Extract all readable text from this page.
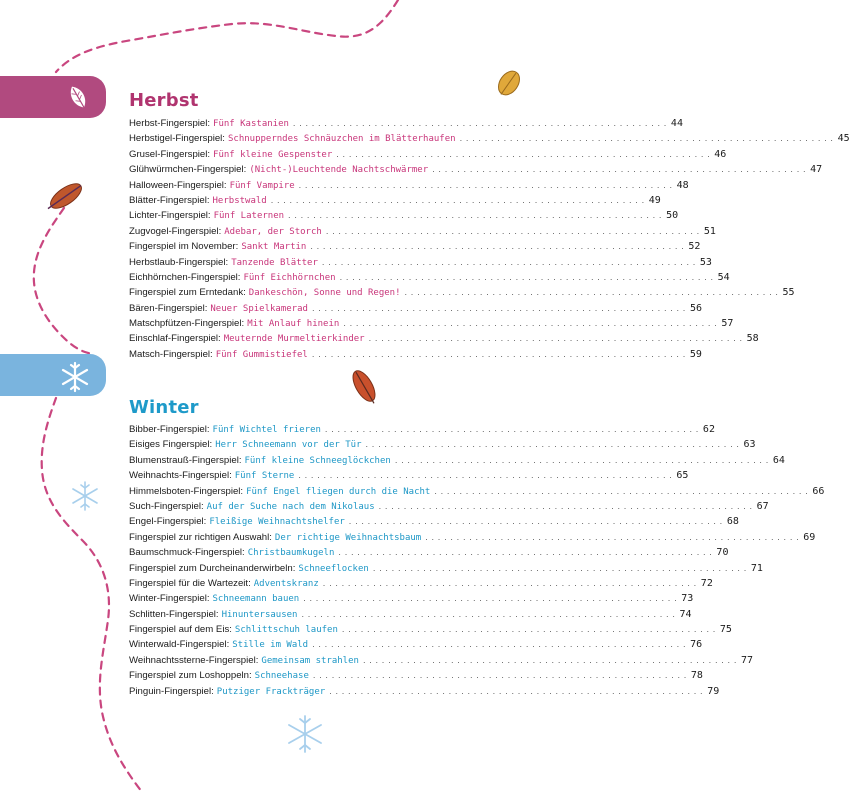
Herbst
Herbst-Fingerspiel: Fünf Kastanien . . . . . . . . . . . . . . . . . . . . . . . . . . . . . . . . . . . . . . . . . . . . . . . . . . . . . . . . . . . . 44
Herbstigel-Fingerspiel: Schnupperndes Schnäuzchen im Blätterhaufen . . . . . . . . . . . . . . . . . . . . . . . . . . . . . . . . . . . . . . . . . . . . . . . . . . . . . . . . . . . . 45
Grusel-Fingerspiel: Fünf kleine Gespenster . . . . . . . . . . . . . . . . . . . . . . . . . . . . . . . . . . . . . . . . . . . . . . . . . . . . . . . . . . . . 46
Glühwürmchen-Fingerspiel: (Nicht-)Leuchtende Nachtschwärmer . . . . . . . . . . . . . . . . . . . . . . . . . . . . . . . . . . . . . . . . . . . . . . . . . . . . . . . . . . . . 47
Halloween-Fingerspiel: Fünf Vampire . . . . . . . . . . . . . . . . . . . . . . . . . . . . . . . . . . . . . . . . . . . . . . . . . . . . . . . . . . . . 48
Blätter-Fingerspiel: Herbstwald . . . . . . . . . . . . . . . . . . . . . . . . . . . . . . . . . . . . . . . . . . . . . . . . . . . . . . . . . . . . 49
Lichter-Fingerspiel: Fünf Laternen . . . . . . . . . . . . . . . . . . . . . . . . . . . . . . . . . . . . . . . . . . . . . . . . . . . . . . . . . . . . 50
Zugvogel-Fingerspiel: Adebar, der Storch . . . . . . . . . . . . . . . . . . . . . . . . . . . . . . . . . . . . . . . . . . . . . . . . . . . . . . . . . . . . 51
Fingerspiel im November: Sankt Martin . . . . . . . . . . . . . . . . . . . . . . . . . . . . . . . . . . . . . . . . . . . . . . . . . . . . . . . . . . . . 52
Herbstlaub-Fingerspiel: Tanzende Blätter . . . . . . . . . . . . . . . . . . . . . . . . . . . . . . . . . . . . . . . . . . . . . . . . . . . . . . . . . . . . 53
Eichhörnchen-Fingerspiel: Fünf Eichhörnchen . . . . . . . . . . . . . . . . . . . . . . . . . . . . . . . . . . . . . . . . . . . . . . . . . . . . . . . . . . . . 54
Fingerspiel zum Erntedank: Dankeschön, Sonne und Regen! . . . . . . . . . . . . . . . . . . . . . . . . . . . . . . . . . . . . . . . . . . . . . . . . . . . . . . . . . . . . 55
Bären-Fingerspiel: Neuer Spielkamerad . . . . . . . . . . . . . . . . . . . . . . . . . . . . . . . . . . . . . . . . . . . . . . . . . . . . . . . . . . . . 56
Matschpfützen-Fingerspiel: Mit Anlauf hinein . . . . . . . . . . . . . . . . . . . . . . . . . . . . . . . . . . . . . . . . . . . . . . . . . . . . . . . . . . . . 57
Einschlaf-Fingerspiel: Meuternde Murmeltierkinder . . . . . . . . . . . . . . . . . . . . . . . . . . . . . . . . . . . . . . . . . . . . . . . . . . . . . . . . . . . . 58
Matsch-Fingerspiel: Fünf Gummistiefel . . . . . . . . . . . . . . . . . . . . . . . . . . . . . . . . . . . . . . . . . . . . . . . . . . . . . . . . . . . . 59
Winter
Bibber-Fingerspiel: Fünf Wichtel frieren . . . . . . . . . . . . . . . . . . . . . . . . . . . . . . . . . . . . . . . . . . . . . . . . . . . . . . . . . . . . 62
Eisiges Fingerspiel: Herr Schneemann vor der Tür . . . . . . . . . . . . . . . . . . . . . . . . . . . . . . . . . . . . . . . . . . . . . . . . . . . . . . . . . . . . 63
Blumenstrauß-Fingerspiel: Fünf kleine Schneeglöckchen . . . . . . . . . . . . . . . . . . . . . . . . . . . . . . . . . . . . . . . . . . . . . . . . . . . . . . . . . . . . 64
Weihnachts-Fingerspiel: Fünf Sterne . . . . . . . . . . . . . . . . . . . . . . . . . . . . . . . . . . . . . . . . . . . . . . . . . . . . . . . . . . . . 65
Himmelsboten-Fingerspiel: Fünf Engel fliegen durch die Nacht . . . . . . . . . . . . . . . . . . . . . . . . . . . . . . . . . . . . . . . . . . . . . . . . . . . . . . . . . . . . 66
Such-Fingerspiel: Auf der Suche nach dem Nikolaus . . . . . . . . . . . . . . . . . . . . . . . . . . . . . . . . . . . . . . . . . . . . . . . . . . . . . . . . . . . . 67
Engel-Fingerspiel: Fleißige Weihnachtshelfer . . . . . . . . . . . . . . . . . . . . . . . . . . . . . . . . . . . . . . . . . . . . . . . . . . . . . . . . . . . . 68
Fingerspiel zur richtigen Auswahl: Der richtige Weihnachtsbaum . . . . . . . . . . . . . . . . . . . . . . . . . . . . . . . . . . . . . . . . . . . . . . . . . . . . . . . . . . . . 69
Baumschmuck-Fingerspiel: Christbaumkugeln . . . . . . . . . . . . . . . . . . . . . . . . . . . . . . . . . . . . . . . . . . . . . . . . . . . . . . . . . . . . 70
Fingerspiel zum Durcheinanderwirbeln: Schneeflocken . . . . . . . . . . . . . . . . . . . . . . . . . . . . . . . . . . . . . . . . . . . . . . . . . . . . . . . . . . . . 71
Fingerspiel für die Wartezeit: Adventskranz . . . . . . . . . . . . . . . . . . . . . . . . . . . . . . . . . . . . . . . . . . . . . . . . . . . . . . . . . . . . 72
Winter-Fingerspiel: Schneemann bauen . . . . . . . . . . . . . . . . . . . . . . . . . . . . . . . . . . . . . . . . . . . . . . . . . . . . . . . . . . . . 73
Schlitten-Fingerspiel: Hinuntersausen . . . . . . . . . . . . . . . . . . . . . . . . . . . . . . . . . . . . . . . . . . . . . . . . . . . . . . . . . . . . 74
Fingerspiel auf dem Eis: Schlittschuh laufen . . . . . . . . . . . . . . . . . . . . . . . . . . . . . . . . . . . . . . . . . . . . . . . . . . . . . . . . . . . . 75
Winterwald-Fingerspiel: Stille im Wald . . . . . . . . . . . . . . . . . . . . . . . . . . . . . . . . . . . . . . . . . . . . . . . . . . . . . . . . . . . . 76
Weihnachtssterne-Fingerspiel: Gemeinsam strahlen . . . . . . . . . . . . . . . . . . . . . . . . . . . . . . . . . . . . . . . . . . . . . . . . . . . . . . . . . . . . 77
Fingerspiel zum Loshoppeln: Schneehase . . . . . . . . . . . . . . . . . . . . . . . . . . . . . . . . . . . . . . . . . . . . . . . . . . . . . . . . . . . . 78
Pinguin-Fingerspiel: Putziger Frackträger . . . . . . . . . . . . . . . . . . . . . . . . . . . . . . . . . . . . . . . . . . . . . . . . . . . . . . . . . . . . 79
